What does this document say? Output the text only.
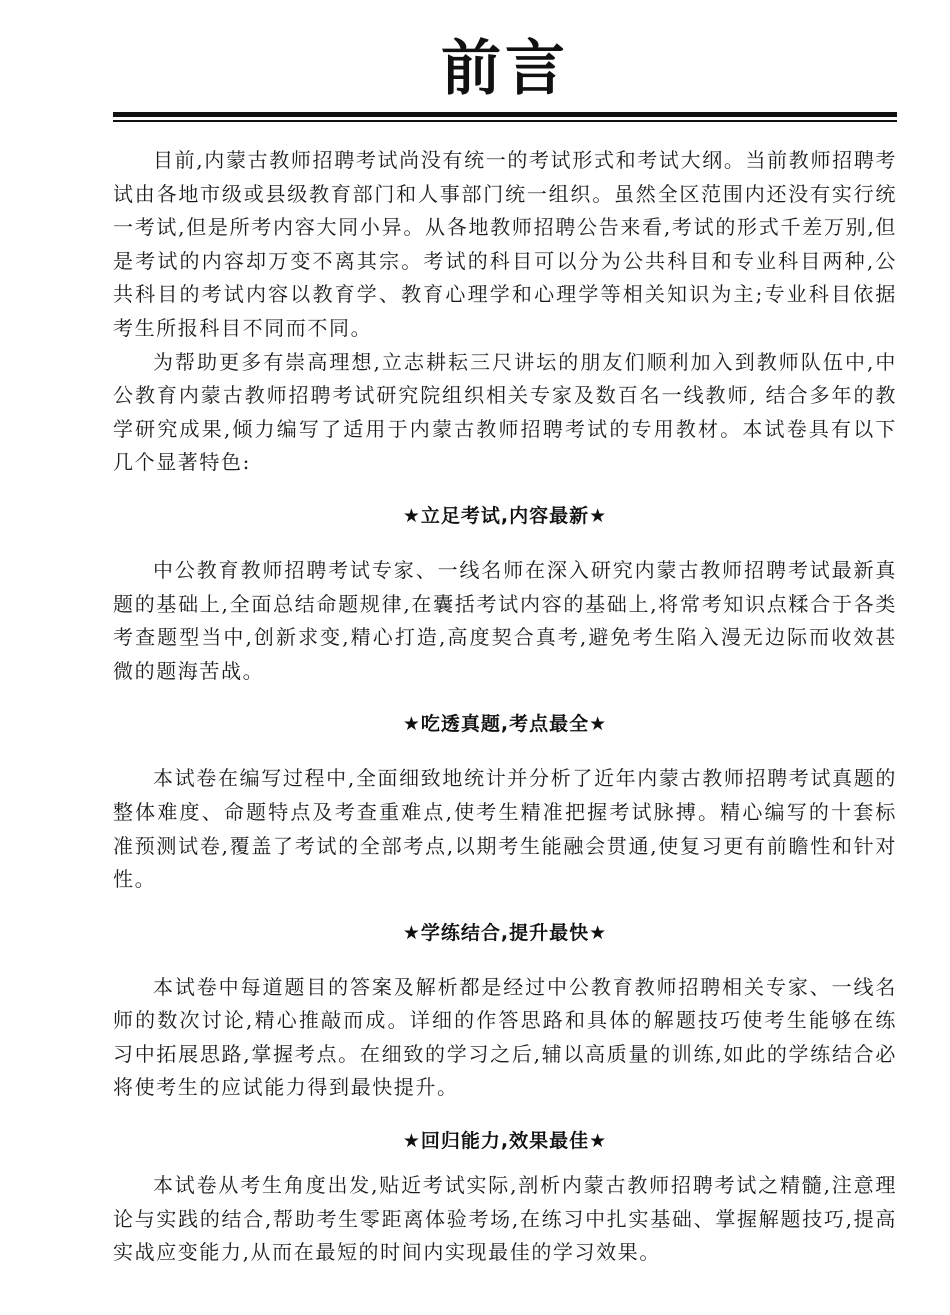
前言

目前,内蒙古教师招聘考试尚没有统一的考试形式和考试大纲。当前教师招聘考试由各地市级或县级教育部门和人事部门统一组织。虽然全区范围内还没有实行统一考试,但是所考内容大同小异。从各地教师招聘公告来看,考试的形式千差万别,但是考试的内容却万变不离其宗。考试的科目可以分为公共科目和专业科目两种,公共科目的考试内容以教育学、教育心理学和心理学等相关知识为主;专业科目依据考生所报科目不同而不同。

为帮助更多有崇高理想,立志耕耘三尺讲坛的朋友们顺利加入到教师队伍中,中公教育内蒙古教师招聘考试研究院组织相关专家及数百名一线教师, 结合多年的教学研究成果,倾力编写了适用于内蒙古教师招聘考试的专用教材。本试卷具有以下几个显著特色:

★立足考试,内容最新★

中公教育教师招聘考试专家、一线名师在深入研究内蒙古教师招聘考试最新真题的基础上,全面总结命题规律,在囊括考试内容的基础上,将常考知识点糅合于各类考查题型当中,创新求变,精心打造,高度契合真考,避免考生陷入漫无边际而收效甚微的题海苦战。

★吃透真题,考点最全★

本试卷在编写过程中,全面细致地统计并分析了近年内蒙古教师招聘考试真题的整体难度、命题特点及考查重难点,使考生精准把握考试脉搏。精心编写的十套标准预测试卷,覆盖了考试的全部考点,以期考生能融会贯通,使复习更有前瞻性和针对性。

★学练结合,提升最快★

本试卷中每道题目的答案及解析都是经过中公教育教师招聘相关专家、一线名师的数次讨论,精心推敲而成。详细的作答思路和具体的解题技巧使考生能够在练习中拓展思路,掌握考点。在细致的学习之后,辅以高质量的训练,如此的学练结合必将使考生的应试能力得到最快提升。

★回归能力,效果最佳★

本试卷从考生角度出发,贴近考试实际,剖析内蒙古教师招聘考试之精髓,注意理论与实践的结合,帮助考生零距离体验考场,在练习中扎实基础、掌握解题技巧,提高实战应变能力,从而在最短的时间内实现最佳的学习效果。
